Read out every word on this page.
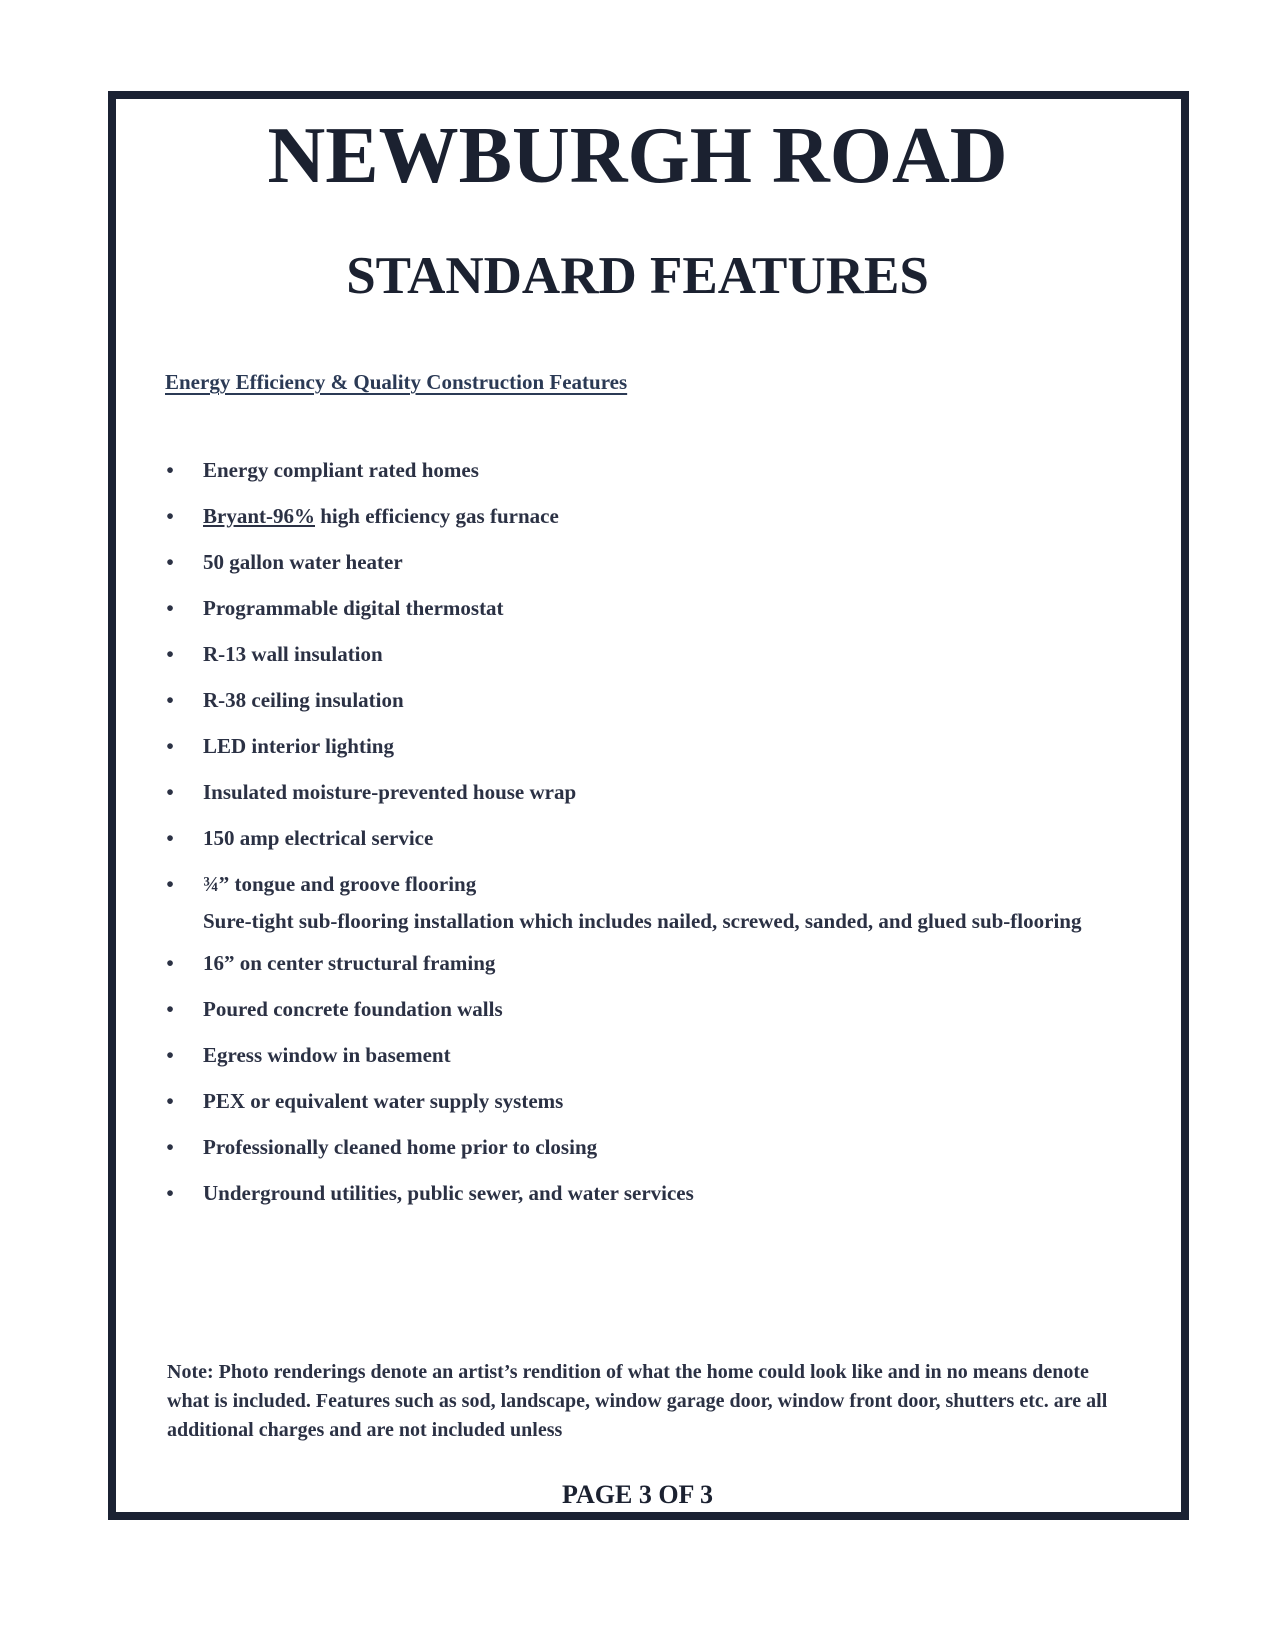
NEWBURGH ROAD
STANDARD FEATURES
Energy Efficiency & Quality Construction Features
• Energy compliant rated homes
• Bryant-96% high efficiency gas furnace
• 50 gallon water heater
• Programmable digital thermostat
• R-13 wall insulation
• R-38 ceiling insulation
• LED interior lighting
• Insulated moisture-prevented house wrap
• 150 amp electrical service
• ¾” tongue and groove flooring
Sure-tight sub-flooring installation which includes nailed, screwed, sanded, and glued sub-flooring
• 16” on center structural framing
• Poured concrete foundation walls
• Egress window in basement
• PEX or equivalent water supply systems
• Professionally cleaned home prior to closing
• Underground utilities, public sewer, and water services

Note: Photo renderings denote an artist’s rendition of what the home could look like and in no means denote what is included. Features such as sod, landscape, window garage door, window front door, shutters etc. are all additional charges and are not included unless

PAGE 3 OF 3
